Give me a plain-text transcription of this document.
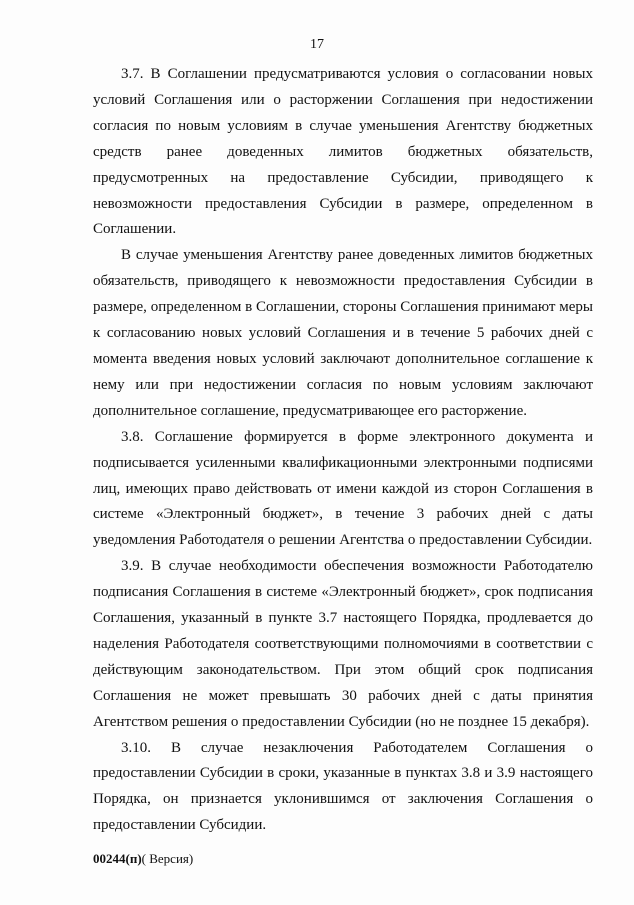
17

3.7. В Соглашении предусматриваются условия о согласовании новых условий Соглашения или о расторжении Соглашения при недостижении согласия по новым условиям в случае уменьшения Агентству бюджетных средств ранее доведенных лимитов бюджетных обязательств, предусмотренных на предоставление Субсидии, приводящего к невозможности предоставления Субсидии в размере, определенном в Соглашении.

В случае уменьшения Агентству ранее доведенных лимитов бюджетных обязательств, приводящего к невозможности предоставления Субсидии в размере, определенном в Соглашении, стороны Соглашения принимают меры к согласованию новых условий Соглашения и в течение 5 рабочих дней с момента введения новых условий заключают дополнительное соглашение к нему или при недостижении согласия по новым условиям заключают дополнительное соглашение, предусматривающее его расторжение.

3.8. Соглашение формируется в форме электронного документа и подписывается усиленными квалификационными электронными подписями лиц, имеющих право действовать от имени каждой из сторон Соглашения в системе «Электронный бюджет», в течение 3 рабочих дней с даты уведомления Работодателя о решении Агентства о предоставлении Субсидии.

3.9. В случае необходимости обеспечения возможности Работодателю подписания Соглашения в системе «Электронный бюджет», срок подписания Соглашения, указанный в пункте 3.7 настоящего Порядка, продлевается до наделения Работодателя соответствующими полномочиями в соответствии с действующим законодательством. При этом общий срок подписания Соглашения не может превышать 30 рабочих дней с даты принятия Агентством решения о предоставлении Субсидии (но не позднее 15 декабря).

3.10. В случае незаключения Работодателем Соглашения о предоставлении Субсидии в сроки, указанные в пунктах 3.8 и 3.9 настоящего Порядка, он признается уклонившимся от заключения Соглашения о предоставлении Субсидии.

00244(п)( Версия)
